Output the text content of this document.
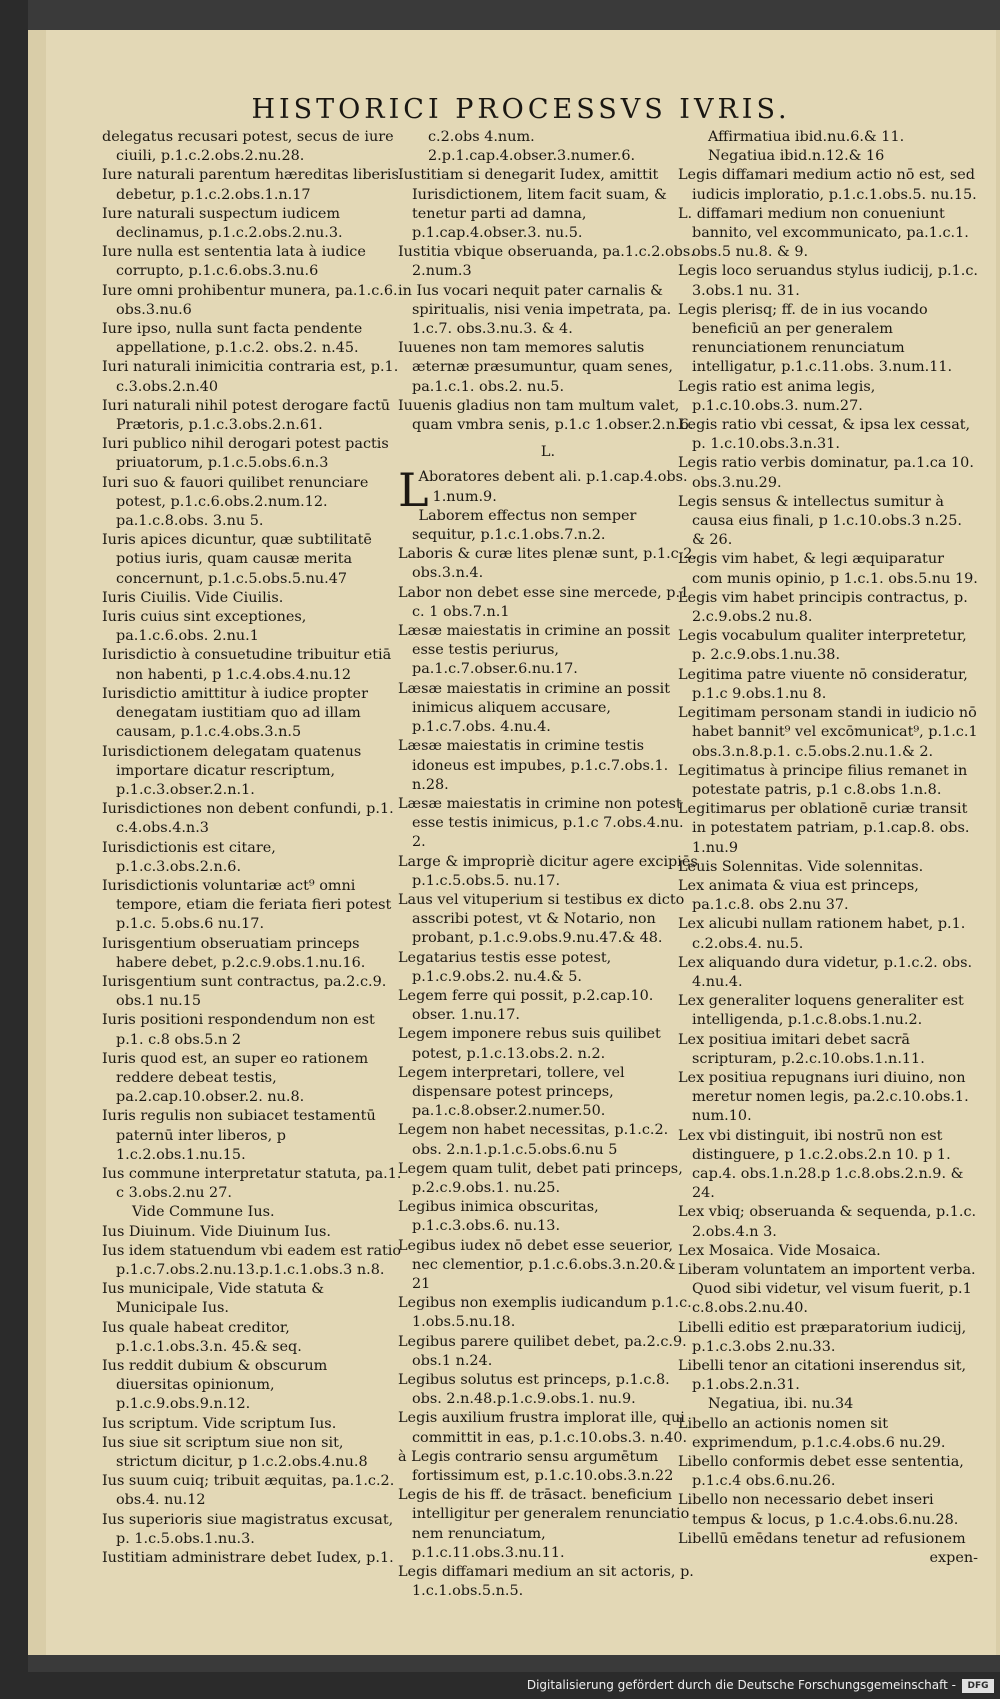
HISTORICI PROCESSVS IVRIS.

delegatus recusari potest, secus de iure ciuili, p.1.c.2.obs.2.nu.28.

Iure naturali parentum hæreditas liberis debetur, p.1.c.2.obs.1.n.17

Iure naturali suspectum iudicem declinamus, p.1.c.2.obs.2.nu.3.

Iure nulla est sententia lata à iudice corrupto, p.1.c.6.obs.3.nu.6

Iure omni prohibentur munera, pa.1.c.6. obs.3.nu.6

Iure ipso, nulla sunt facta pendente appellatione, p.1.c.2. obs.2. n.45.

Iuri naturali inimicitia contraria est, p.1. c.3.obs.2.n.40

Iuri naturali nihil potest derogare factū Prætoris, p.1.c.3.obs.2.n.61.

Iuri publico nihil derogari potest pactis priuatorum, p.1.c.5.obs.6.n.3

Iuri suo & fauori quilibet renunciare potest, p.1.c.6.obs.2.num.12. pa.1.c.8.obs. 3.nu 5.

Iuris apices dicuntur, quæ subtilitatē potius iuris, quam causæ merita concernunt, p.1.c.5.obs.5.nu.47

Iuris Ciuilis. Vide Ciuilis.

Iuris cuius sint exceptiones, pa.1.c.6.obs. 2.nu.1

Iurisdictio à consuetudine tribuitur etiā non habenti, p 1.c.4.obs.4.nu.12

Iurisdictio amittitur à iudice propter denegatam iustitiam quo ad illam causam, p.1.c.4.obs.3.n.5

Iurisdictionem delegatam quatenus importare dicatur rescriptum, p.1.c.3.obser.2.n.1.

Iurisdictiones non debent confundi, p.1. c.4.obs.4.n.3

Iurisdictionis est citare, p.1.c.3.obs.2.n.6.

Iurisdictionis voluntariæ act⁹ omni tempore, etiam die feriata fieri potest p.1.c. 5.obs.6 nu.17.

Iurisgentium obseruatiam princeps habere debet, p.2.c.9.obs.1.nu.16.

Iurisgentium sunt contractus, pa.2.c.9. obs.1 nu.15

Iuris positioni respondendum non est p.1. c.8 obs.5.n 2

Iuris quod est, an super eo rationem reddere debeat testis, pa.2.cap.10.obser.2. nu.8.

Iuris regulis non subiacet testamentū paternū inter liberos, p 1.c.2.obs.1.nu.15.

Ius commune interpretatur statuta, pa.1. c 3.obs.2.nu 27.

Vide Commune Ius.

Ius Diuinum. Vide Diuinum Ius.

Ius idem statuendum vbi eadem est ratio p.1.c.7.obs.2.nu.13.p.1.c.1.obs.3 n.8.

Ius municipale, Vide statuta & Municipale Ius.

Ius quale habeat creditor, p.1.c.1.obs.3.n. 45.& seq.

Ius reddit dubium & obscurum diuersitas opinionum, p.1.c.9.obs.9.n.12.

Ius scriptum. Vide scriptum Ius.

Ius siue sit scriptum siue non sit, strictum dicitur, p 1.c.2.obs.4.nu.8

Ius suum cuiq; tribuit æquitas, pa.1.c.2. obs.4. nu.12

Ius superioris siue magistratus excusat, p. 1.c.5.obs.1.nu.3.

Iustitiam administrare debet Iudex, p.1.

c.2.obs 4.num. 2.p.1.cap.4.obser.3.numer.6.

Iustitiam si denegarit Iudex, amittit Iurisdictionem, litem facit suam, & tenetur parti ad damna, p.1.cap.4.obser.3. nu.5.

Iustitia vbique obseruanda, pa.1.c.2.obs. 2.num.3

in Ius vocari nequit pater carnalis & spiritualis, nisi venia impetrata, pa. 1.c.7. obs.3.nu.3. & 4.

Iuuenes non tam memores salutis æternæ præsumuntur, quam senes, pa.1.c.1. obs.2. nu.5.

Iuuenis gladius non tam multum valet, quam vmbra senis, p.1.c 1.obser.2.n.6.

L.

L
Aboratores debent ali. p.1.cap.4.obs. 1.num.9.

Laborem effectus non semper sequitur, p.1.c.1.obs.7.n.2.

Laboris & curæ lites plenæ sunt, p.1.c.2. obs.3.n.4.

Labor non debet esse sine mercede, p.1 c. 1 obs.7.n.1

Læsæ maiestatis in crimine an possit esse testis periurus, pa.1.c.7.obser.6.nu.17.

Læsæ maiestatis in crimine an possit inimicus aliquem accusare, p.1.c.7.obs. 4.nu.4.

Læsæ maiestatis in crimine testis idoneus est impubes, p.1.c.7.obs.1. n.28.

Læsæ maiestatis in crimine non potest esse testis inimicus, p.1.c 7.obs.4.nu. 2.

Large & impropriè dicitur agere excipiēs p.1.c.5.obs.5. nu.17.

Laus vel vituperium si testibus ex dicto asscribi potest, vt & Notario, non probant, p.1.c.9.obs.9.nu.47.& 48.

Legatarius testis esse potest, p.1.c.9.obs.2. nu.4.& 5.

Legem ferre qui possit, p.2.cap.10. obser. 1.nu.17.

Legem imponere rebus suis quilibet potest, p.1.c.13.obs.2. n.2.

Legem interpretari, tollere, vel dispensare potest princeps, pa.1.c.8.obser.2.numer.50.

Legem non habet necessitas, p.1.c.2. obs. 2.n.1.p.1.c.5.obs.6.nu 5

Legem quam tulit, debet pati princeps, p.2.c.9.obs.1. nu.25.

Legibus inimica obscuritas, p.1.c.3.obs.6. nu.13.

Legibus iudex nō debet esse seuerior, nec clementior, p.1.c.6.obs.3.n.20.& 21

Legibus non exemplis iudicandum p.1.c. 1.obs.5.nu.18.

Legibus parere quilibet debet, pa.2.c.9. obs.1 n.24.

Legibus solutus est princeps, p.1.c.8. obs. 2.n.48.p.1.c.9.obs.1. nu.9.

Legis auxilium frustra implorat ille, qui committit in eas, p.1.c.10.obs.3. n.40.

à Legis contrario sensu argumētum fortissimum est, p.1.c.10.obs.3.n.22

Legis de his ff. de trāsact. beneficium intelligitur per generalem renunciatio nem renunciatum, p.1.c.11.obs.3.nu.11.

Legis diffamari medium an sit actoris, p. 1.c.1.obs.5.n.5.

Affirmatiua ibid.nu.6.& 11.

Negatiua ibid.n.12.& 16

Legis diffamari medium actio nō est, sed iudicis imploratio, p.1.c.1.obs.5. nu.15.

L. diffamari medium non conueniunt bannito, vel excommunicato, pa.1.c.1. obs.5 nu.8. & 9.

Legis loco seruandus stylus iudicij, p.1.c. 3.obs.1 nu. 31.

Legis plerisq; ff. de in ius vocando beneficiū an per generalem renunciationem renunciatum intelligatur, p.1.c.11.obs. 3.num.11.

Legis ratio est anima legis, p.1.c.10.obs.3. num.27.

Legis ratio vbi cessat, & ipsa lex cessat, p. 1.c.10.obs.3.n.31.

Legis ratio verbis dominatur, pa.1.ca 10. obs.3.nu.29.

Legis sensus & intellectus sumitur à causa eius finali, p 1.c.10.obs.3 n.25. & 26.

Legis vim habet, & legi æquiparatur com munis opinio, p 1.c.1. obs.5.nu 19.

Legis vim habet principis contractus, p. 2.c.9.obs.2 nu.8.

Legis vocabulum qualiter interpretetur, p. 2.c.9.obs.1.nu.38.

Legitima patre viuente nō consideratur, p.1.c 9.obs.1.nu 8.

Legitimam personam standi in iudicio nō habet bannit⁹ vel excōmunicat⁹, p.1.c.1 obs.3.n.8.p.1. c.5.obs.2.nu.1.& 2.

Legitimatus à principe filius remanet in potestate patris, p.1 c.8.obs 1.n.8.

Legitimarus per oblationē curiæ transit in potestatem patriam, p.1.cap.8. obs. 1.nu.9

Leuis Solennitas. Vide solennitas.

Lex animata & viua est princeps, pa.1.c.8. obs 2.nu 37.

Lex alicubi nullam rationem habet, p.1. c.2.obs.4. nu.5.

Lex aliquando dura videtur, p.1.c.2. obs. 4.nu.4.

Lex generaliter loquens generaliter est intelligenda, p.1.c.8.obs.1.nu.2.

Lex positiua imitari debet sacrā scripturam, p.2.c.10.obs.1.n.11.

Lex positiua repugnans iuri diuino, non meretur nomen legis, pa.2.c.10.obs.1. num.10.

Lex vbi distinguit, ibi nostrū non est distinguere, p 1.c.2.obs.2.n 10. p 1. cap.4. obs.1.n.28.p 1.c.8.obs.2.n.9. & 24.

Lex vbiq; obseruanda & sequenda, p.1.c. 2.obs.4.n 3.

Lex Mosaica. Vide Mosaica.

Liberam voluntatem an importent verba. Quod sibi videtur, vel visum fuerit, p.1 c.8.obs.2.nu.40.

Libelli editio est præparatorium iudicij, p.1.c.3.obs 2.nu.33.

Libelli tenor an citationi inserendus sit, p.1.obs.2.n.31.

Negatiua, ibi. nu.34

Libello an actionis nomen sit exprimendum, p.1.c.4.obs.6 nu.29.

Libello conformis debet esse sententia, p.1.c.4 obs.6.nu.26.

Libello non necessario debet inseri tempus & locus, p 1.c.4.obs.6.nu.28.

Libellū emēdans tenetur ad refusionem

expen-

Digitalisierung gefördert durch die Deutsche Forschungsgemeinschaft -	DFG
